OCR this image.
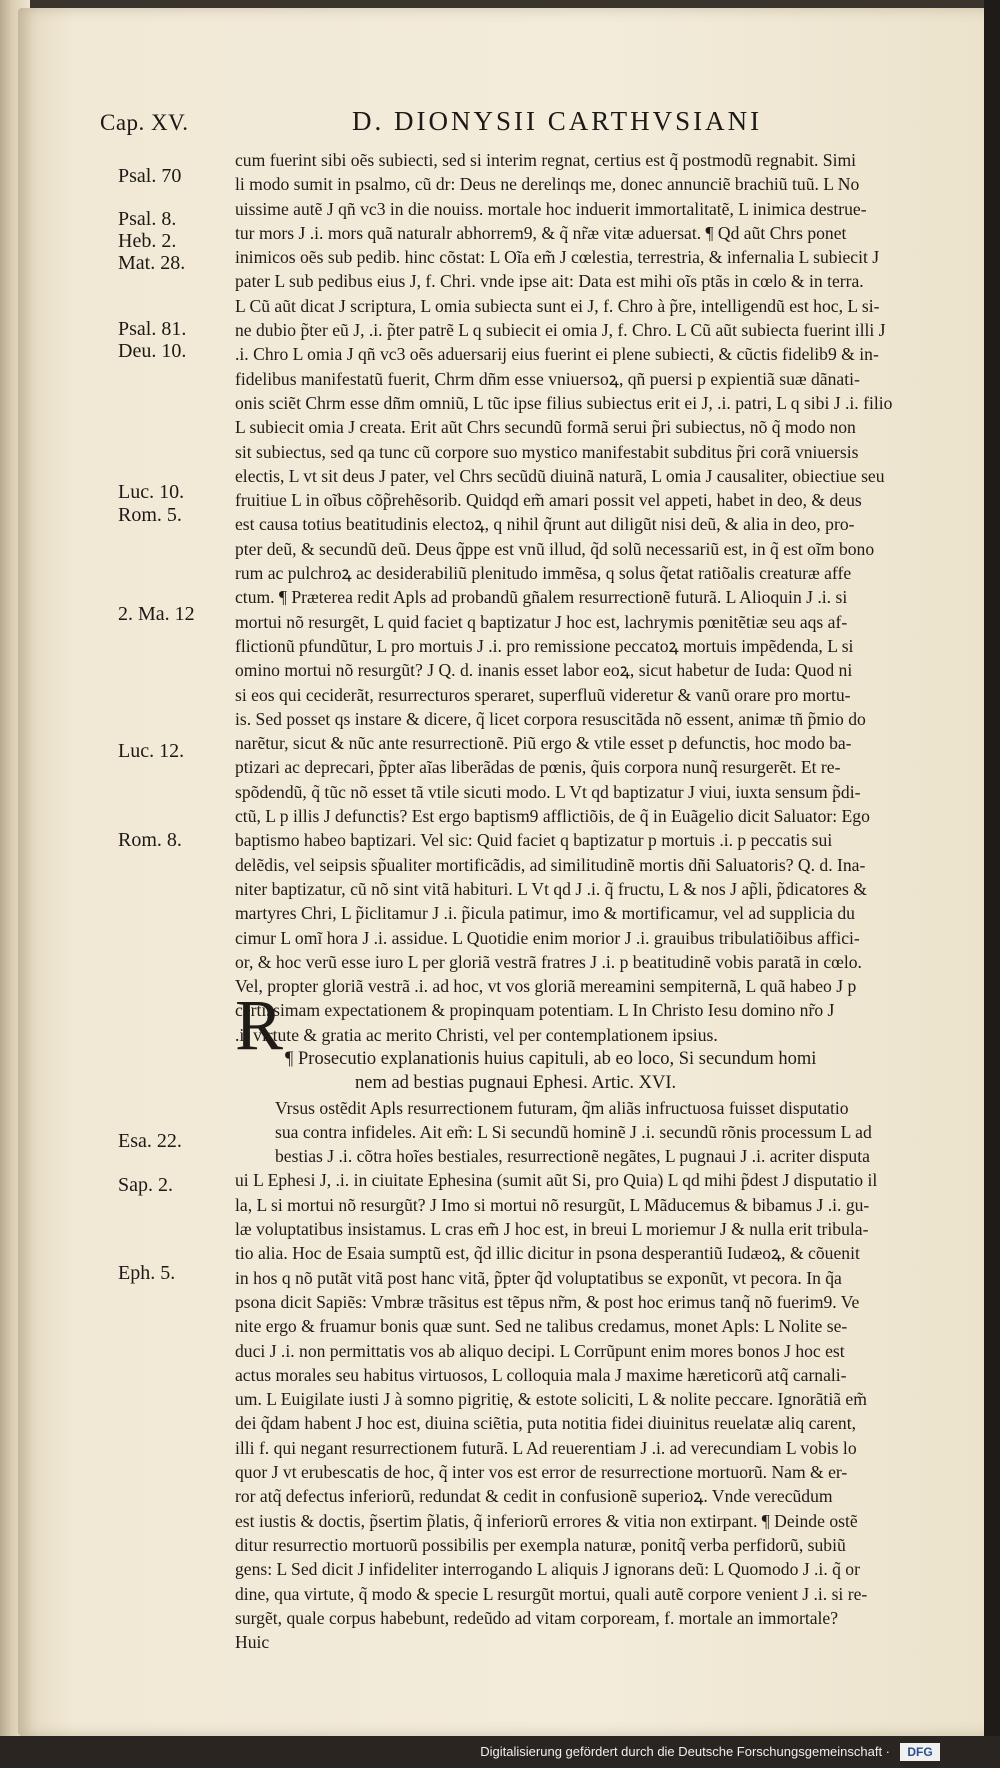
Cap. XV.	D. DIONYSII CARTHVSIANI
Psal. 70
Psal. 8.
Heb. 2.
Mat. 28.
Psal. 81.
Deu. 10.
Luc. 10.
Rom. 5.
2. Ma. 12
Luc. 12.
Rom. 8.
Esa. 22.
Sap. 2.
Eph. 5.
cum fuerint sibi oẽs subiecti, sed si interim regnat, certius est q̃ postmodũ regnabit. Simi
li modo sumit in psalmo, cũ dr: Deus ne derelinqs me, donec annunciẽ brachiũ tuũ. L No
uissime autẽ J qñ vc3 in die nouiss. mortale hoc induerit immortalitatẽ, L inimica destrue-
tur mors J .i. mors quã naturalr abhorrem9, & q̃ nr̃æ vitæ aduersat. ¶ Qd aũt Chrs ponet
inimicos oẽs sub pedib. hinc cõstat: L Oĩa em̃ J cœlestia, terrestria, & infernalia L subiecit J
pater L sub pedibus eius J, f. Chri. vnde ipse ait: Data est mihi oĩs ptãs in cœlo & in terra.
L Cũ aũt dicat J scriptura, L omia subiecta sunt ei J, f. Chro à p̃re, intelligendũ est hoc, L si-
ne dubio p̃ter eũ J, .i. p̃ter patrẽ L q subiecit ei omia J, f. Chro. L Cũ aũt subiecta fuerint illi J
.i. Chro L omia J qñ vc3 oẽs aduersarij eius fuerint ei plene subiecti, & cũctis fidelib9 & in-
fidelibus manifestatũ fuerit, Chrm dñm esse vniuersoꝝ, qñ puersi p expientiã suæ dãnati-
onis sciẽt Chrm esse dñm omniũ, L tũc ipse filius subiectus erit ei J, .i. patri, L q sibi J .i. filio
L subiecit omia J creata. Erit aũt Chrs secundũ formã serui p̃ri subiectus, nõ q̃ modo non
sit subiectus, sed qa tunc cũ corpore suo mystico manifestabit subditus p̃ri corã vniuersis
electis, L vt sit deus J pater, vel Chrs secũdũ diuinã naturã, L omia J causaliter, obiectiue seu
fruitiue L in oĩbus cõp̃rehẽsorib. Quidqd em̃ amari possit vel appeti, habet in deo, & deus
est causa totius beatitudinis electoꝝ, q nihil q̃runt aut diligũt nisi deũ, & alia in deo, pro-
pter deũ, & secundũ deũ. Deus q̃ppe est vnũ illud, q̃d solũ necessariũ est, in q̃ est oĩm bono
rum ac pulchroꝝ ac desiderabiliũ plenitudo immẽsa, q solus q̃etat ratiõalis creaturæ affe
ctum. ¶ Præterea redit Apls ad probandũ gñalem resurrectionẽ futurã. L Alioquin J .i. si
mortui nõ resurgẽt, L quid faciet q baptizatur J hoc est, lachrymis pœnitẽtiæ seu aqs af-
flictionũ pfundũtur, L pro mortuis J .i. pro remissione peccatoꝝ mortuis impẽdenda, L si
omino mortui nõ resurgũt? J Q. d. inanis esset labor eoꝝ, sicut habetur de Iuda: Quod ni
si eos qui ceciderãt, resurrecturos speraret, superfluũ videretur & vanũ orare pro mortu-
is. Sed posset qs instare & dicere, q̃ licet corpora resuscitãda nõ essent, animæ tñ p̃mio do
narẽtur, sicut & nũc ante resurrectionẽ. Piũ ergo & vtile esset p defunctis, hoc modo ba-
ptizari ac deprecari, p̃pter aĩas liberãdas de pœnis, q̃uis corpora nunq̃ resurgerẽt. Et re-
spõdendũ, q̃ tũc nõ esset tã vtile sicuti modo. L Vt qd baptizatur J viui, iuxta sensum p̃di-
ctũ, L p illis J defunctis? Est ergo baptism9 afflictiõis, de q̃ in Euãgelio dicit Saluator: Ego
baptismo habeo baptizari. Vel sic: Quid faciet q baptizatur p mortuis .i. p peccatis sui
delẽdis, vel seipsis sp̃ualiter mortificãdis, ad similitudinẽ mortis dñi Saluatoris? Q. d. Ina-
niter baptizatur, cũ nõ sint vitã habituri. L Vt qd J .i. q̃ fructu, L & nos J ap̃li, p̃dicatores &
martyres Chri, L p̃iclitamur J .i. p̃icula patimur, imo & mortificamur, vel ad supplicia du
cimur L omĩ hora J .i. assidue. L Quotidie enim morior J .i. grauibus tribulatiõibus affici-
or, & hoc verũ esse iuro L per gloriã vestrã fratres J .i. p beatitudinẽ vobis paratã in cœlo.
Vel, propter gloriã vestrã .i. ad hoc, vt vos gloriã mereamini sempiternã, L quã habeo J p
certissimam expectationem & propinquam potentiam. L In Christo Iesu domino nr̃o J
.i. virtute & gratia ac merito Christi, vel per contemplationem ipsius.
¶ Prosecutio explanationis huius capituli, ab eo loco, Si secundum homi
nem ad bestias pugnaui Ephesi. Artic. XVI.
Vrsus ostẽdit Apls resurrectionem futuram, q̃m aliãs infructuosa fuisset disputatio
sua contra infideles. Ait em̃: L Si secundũ hominẽ J .i. secundũ rõnis processum L ad
bestias J .i. cõtra hoĩes bestiales, resurrectionẽ negãtes, L pugnaui J .i. acriter disputa
ui L Ephesi J, .i. in ciuitate Ephesina (sumit aũt Si, pro Quia) L qd mihi p̃dest J disputatio il
la, L si mortui nõ resurgũt? J Imo si mortui nõ resurgũt, L Mãducemus & bibamus J .i. gu-
læ voluptatibus insistamus. L cras em̃ J hoc est, in breui L moriemur J & nulla erit tribula-
tio alia. Hoc de Esaia sumptũ est, q̃d illic dicitur in psona desperantiũ Iudæoꝝ, & cõuenit
in hos q nõ putãt vitã post hanc vitã, p̃pter q̃d voluptatibus se exponũt, vt pecora. In q̃a
psona dicit Sapiẽs: Vmbræ trãsitus est tẽpus nr̃m, & post hoc erimus tanq̃ nõ fuerim9. Ve
nite ergo & fruamur bonis quæ sunt. Sed ne talibus credamus, monet Apls: L Nolite se-
duci J .i. non permittatis vos ab aliquo decipi. L Corrũpunt enim mores bonos J hoc est
actus morales seu habitus virtuosos, L colloquia mala J maxime hæreticorũ atq̃ carnali-
um. L Euigilate iusti J à somno pigritię, & estote soliciti, L & nolite peccare. Ignorãtiã em̃
dei q̃dam habent J hoc est, diuina sciẽtia, puta notitia fidei diuinitus reuelatæ aliq carent,
illi f. qui negant resurrectionem futurã. L Ad reuerentiam J .i. ad verecundiam L vobis lo
quor J vt erubescatis de hoc, q̃ inter vos est error de resurrectione mortuorũ. Nam & er-
ror atq̃ defectus inferiorũ, redundat & cedit in confusionẽ superioꝝ. Vnde verecũdum
est iustis & doctis, p̃sertim p̃latis, q̃ inferiorũ errores & vitia non extirpant. ¶ Deinde ostẽ
ditur resurrectio mortuorũ possibilis per exempla naturæ, ponitq̃ verba perfidorũ, subiũ
gens: L Sed dicit J infideliter interrogando L aliquis J ignorans deũ: L Quomodo J .i. q̃ or
dine, qua virtute, q̃ modo & specie L resurgũt mortui, quali autẽ corpore venient J .i. si re-
surgẽt, quale corpus habebunt, redeũdo ad vitam corpoream, f. mortale an immortale?
Huic
Digitalisierung gefördert durch die Deutsche Forschungsgemeinschaft ·	DFG
R
